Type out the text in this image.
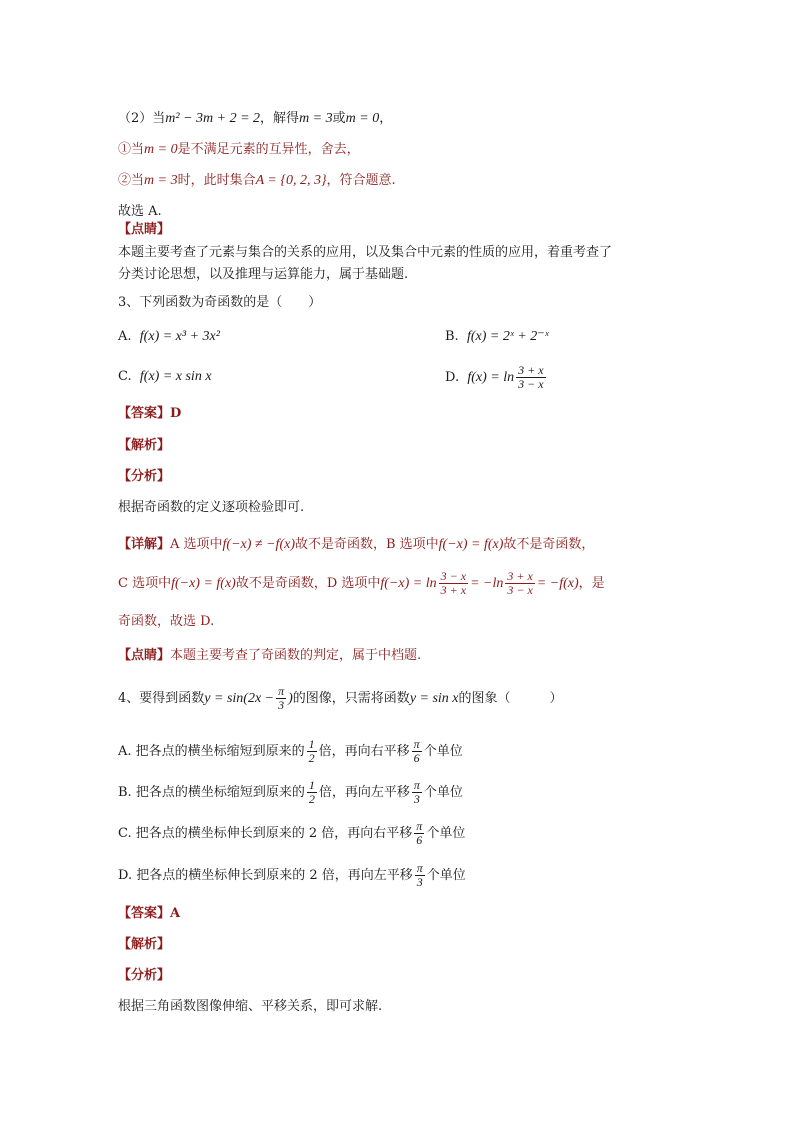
（2）当m² − 3m + 2 = 2，解得m = 3或m = 0，
①当m = 0是不满足元素的互异性，舍去，
②当m = 3时，此时集合A = {0, 2, 3}，符合题意.
故选 A.
【点睛】
本题主要考查了元素与集合的关系的应用，以及集合中元素的性质的应用，着重考查了
分类讨论思想，以及推理与运算能力，属于基础题.
3、下列函数为奇函数的是（　　）
A. f(x) = x³ + 3x²	B. f(x) = 2ˣ + 2⁻ˣ
C. f(x) = x sin x	D. $f(x) = \ln \frac{3 + x}{3 - x}$
【答案】D
【解析】
【分析】
根据奇函数的定义逐项检验即可.
【详解】A 选项中f(−x) ≠ −f(x)故不是奇函数，B 选项中f(−x) = f(x)故不是奇函数，
C 选项中f(−x) = f(x)故不是奇函数，D 选项中$f(-x) = \ln \frac{3 - x}{3 + x} = -\ln \frac{3 + x}{3 - x} = -f(x)$，是
奇函数，故选 D.
【点睛】本题主要考查了奇函数的判定，属于中档题.
4、要得到函数$y = \sin(2x - \frac{\pi}{3}$ )的图像，只需将函数y = sin x的图象（　　　）
A. 把各点的横坐标缩短到原来的 $\frac{1}{2}$ 倍，再向右平移 $\frac{\pi}{6}$ 个单位
B. 把各点的横坐标缩短到原来的 $\frac{1}{2}$ 倍，再向左平移 $\frac{\pi}{3}$ 个单位
C. 把各点的横坐标伸长到原来的 2 倍，再向右平移 $\frac{\pi}{6}$ 个单位
D. 把各点的横坐标伸长到原来的 2 倍，再向左平移 $\frac{\pi}{3}$ 个单位
【答案】A
【解析】
【分析】
根据三角函数图像伸缩、平移关系，即可求解.
